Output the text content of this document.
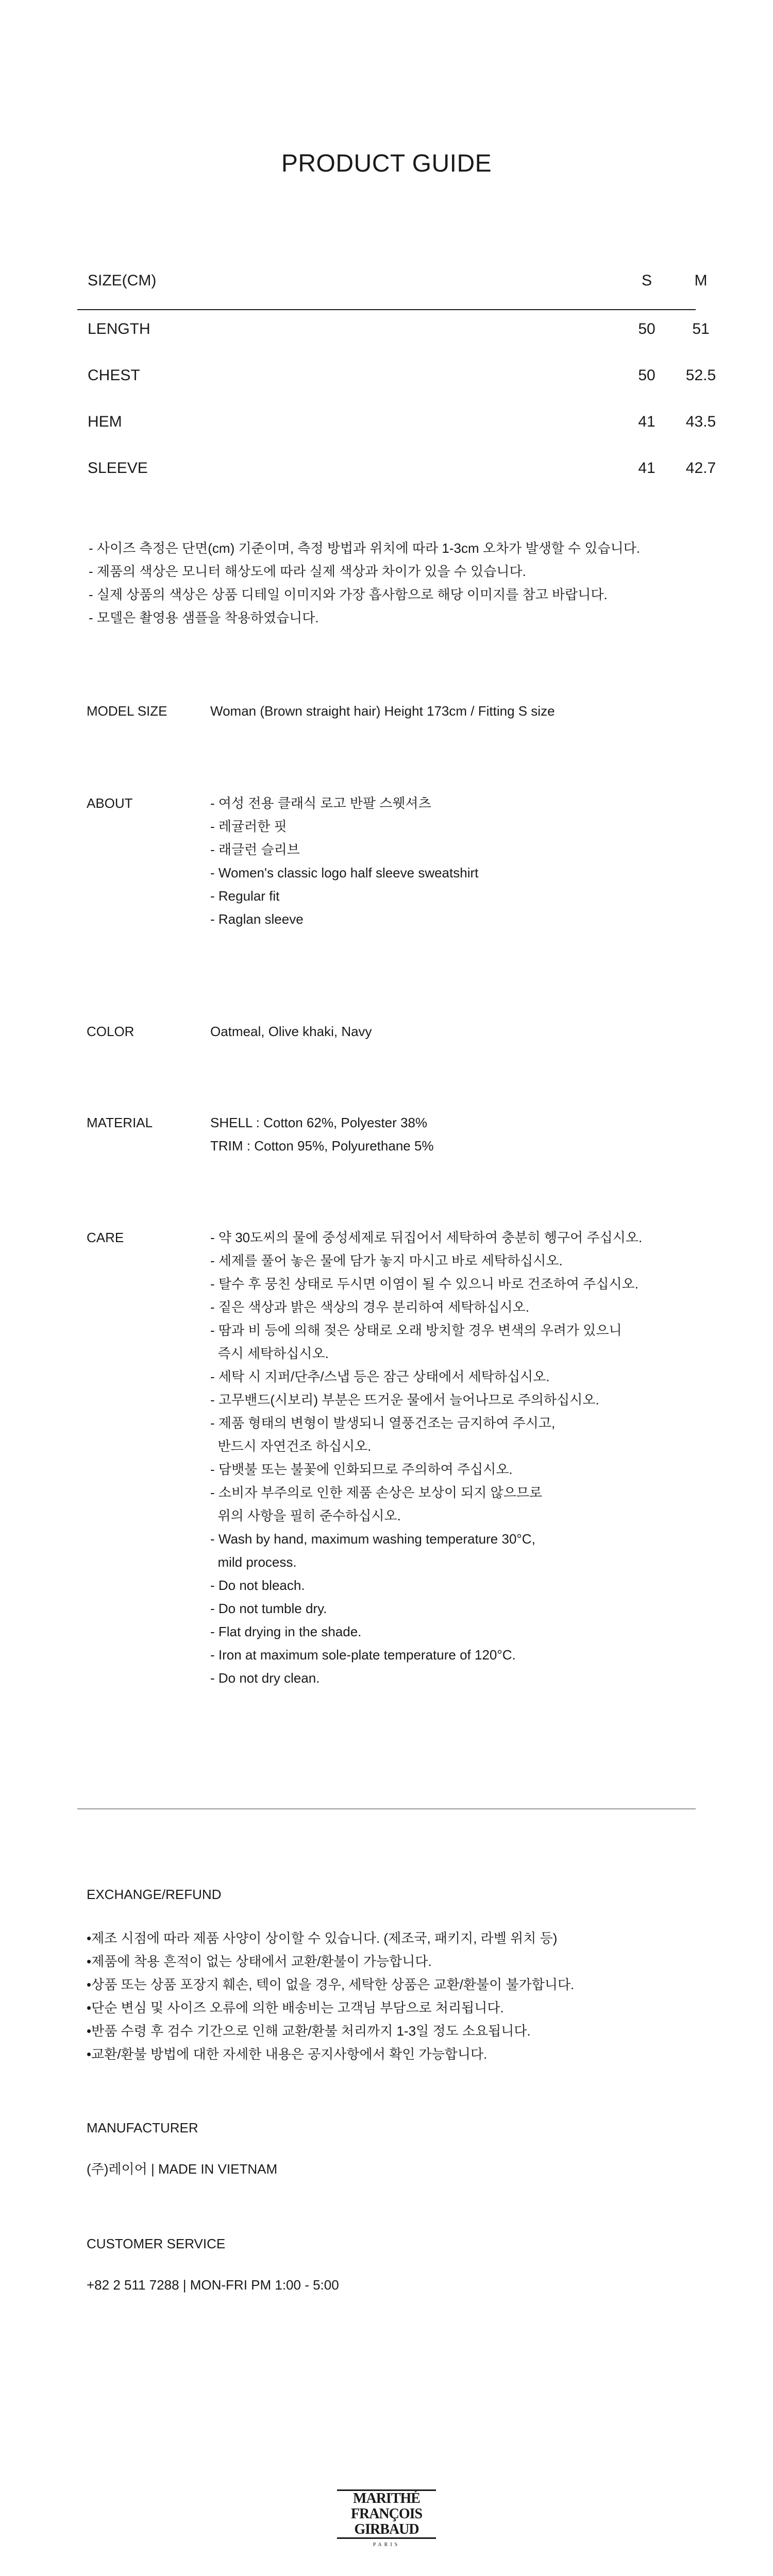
PRODUCT GUIDE
SIZE(CM)	S	M
LENGTH	50	51
CHEST	50	52.5
HEM	41	43.5
SLEEVE	41	42.7
- 사이즈 측정은 단면(cm) 기준이며, 측정 방법과 위치에 따라 1-3cm 오차가 발생할 수 있습니다.
- 제품의 색상은 모니터 해상도에 따라 실제 색상과 차이가 있을 수 있습니다.
- 실제 상품의 색상은 상품 디테일 이미지와 가장 흡사함으로 해당 이미지를 참고 바랍니다.
- 모델은 촬영용 샘플을 착용하였습니다.
MODEL SIZE	Woman (Brown straight hair) Height 173cm / Fitting S size
ABOUT	- 여성 전용 클래식 로고 반팔 스웻셔츠
- 레귤러한 핏
- 래글런 슬리브
- Women's classic logo half sleeve sweatshirt
- Regular fit
- Raglan sleeve
COLOR	Oatmeal, Olive khaki, Navy
MATERIAL	SHELL : Cotton 62%, Polyester 38%
TRIM : Cotton 95%, Polyurethane 5%
CARE	- 약 30도씨의 물에 중성세제로 뒤집어서 세탁하여 충분히 헹구어 주십시오.
- 세제를 풀어 놓은 물에 담가 놓지 마시고 바로 세탁하십시오.
- 탈수 후 뭉친 상태로 두시면 이염이 될 수 있으니 바로 건조하여 주십시오.
- 짙은 색상과 밝은 색상의 경우 분리하여 세탁하십시오.
- 땀과 비 등에 의해 젖은 상태로 오래 방치할 경우 변색의 우려가 있으니
즉시 세탁하십시오.
- 세탁 시 지퍼/단추/스냅 등은 잠근 상태에서 세탁하십시오.
- 고무밴드(시보리) 부분은 뜨거운 물에서 늘어나므로 주의하십시오.
- 제품 형태의 변형이 발생되니 열풍건조는 금지하여 주시고,
반드시 자연건조 하십시오.
- 담뱃불 또는 불꽃에 인화되므로 주의하여 주십시오.
- 소비자 부주의로 인한 제품 손상은 보상이 되지 않으므로
위의 사항을 필히 준수하십시오.
- Wash by hand, maximum washing temperature 30°C,
mild process.
- Do not bleach.
- Do not tumble dry.
- Flat drying in the shade.
- Iron at maximum sole-plate temperature of 120°C.
- Do not dry clean.
EXCHANGE/REFUND
•제조 시점에 따라 제품 사양이 상이할 수 있습니다. (제조국, 패키지, 라벨 위치 등)
•제품에 착용 흔적이 없는 상태에서 교환/환불이 가능합니다.
•상품 또는 상품 포장지 훼손, 텍이 없을 경우, 세탁한 상품은 교환/환불이 불가합니다.
•단순 변심 및 사이즈 오류에 의한 배송비는 고객님 부담으로 처리됩니다.
•반품 수령 후 검수 기간으로 인해 교환/환불 처리까지 1-3일 정도 소요됩니다.
•교환/환불 방법에 대한 자세한 내용은 공지사항에서 확인 가능합니다.
MANUFACTURER
(주)레이어 | MADE IN VIETNAM
CUSTOMER SERVICE
+82 2 511 7288 | MON-FRI PM 1:00 - 5:00
MARITHÉ
FRANÇOIS
GIRBAUD
PARIS
